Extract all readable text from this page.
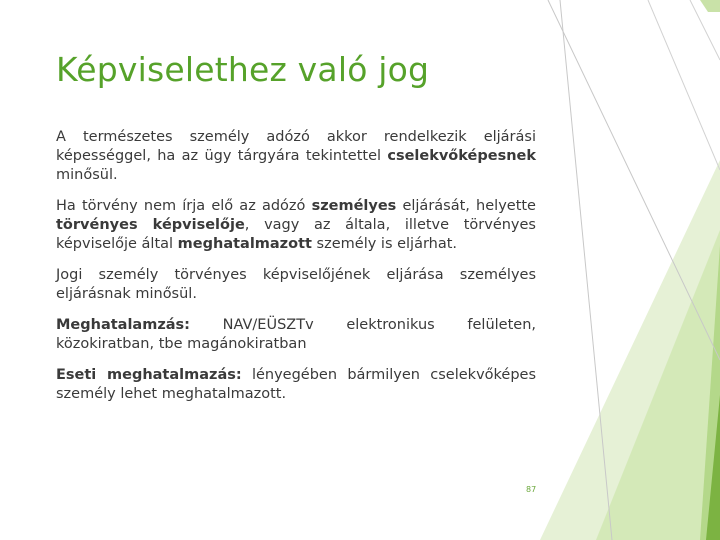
Képviselethez való jog

A természetes személy adózó akkor rendelkezik eljárási képességgel, ha az ügy tárgyára tekintettel cselekvőképesnek minősül.

Ha törvény nem írja elő az adózó személyes eljárását, helyette törvényes képviselője, vagy az általa, illetve törvényes képviselője által meghatalmazott személy is eljárhat.

Jogi személy törvényes képviselőjének eljárása személyes eljárásnak minősül.

Meghatalamzás: NAV/EÜSZTv elektronikus felületen, közokiratban, tbe magánokiratban

Eseti meghatalmazás: lényegében bármilyen cselekvőképes személy lehet meghatalmazott.

87
